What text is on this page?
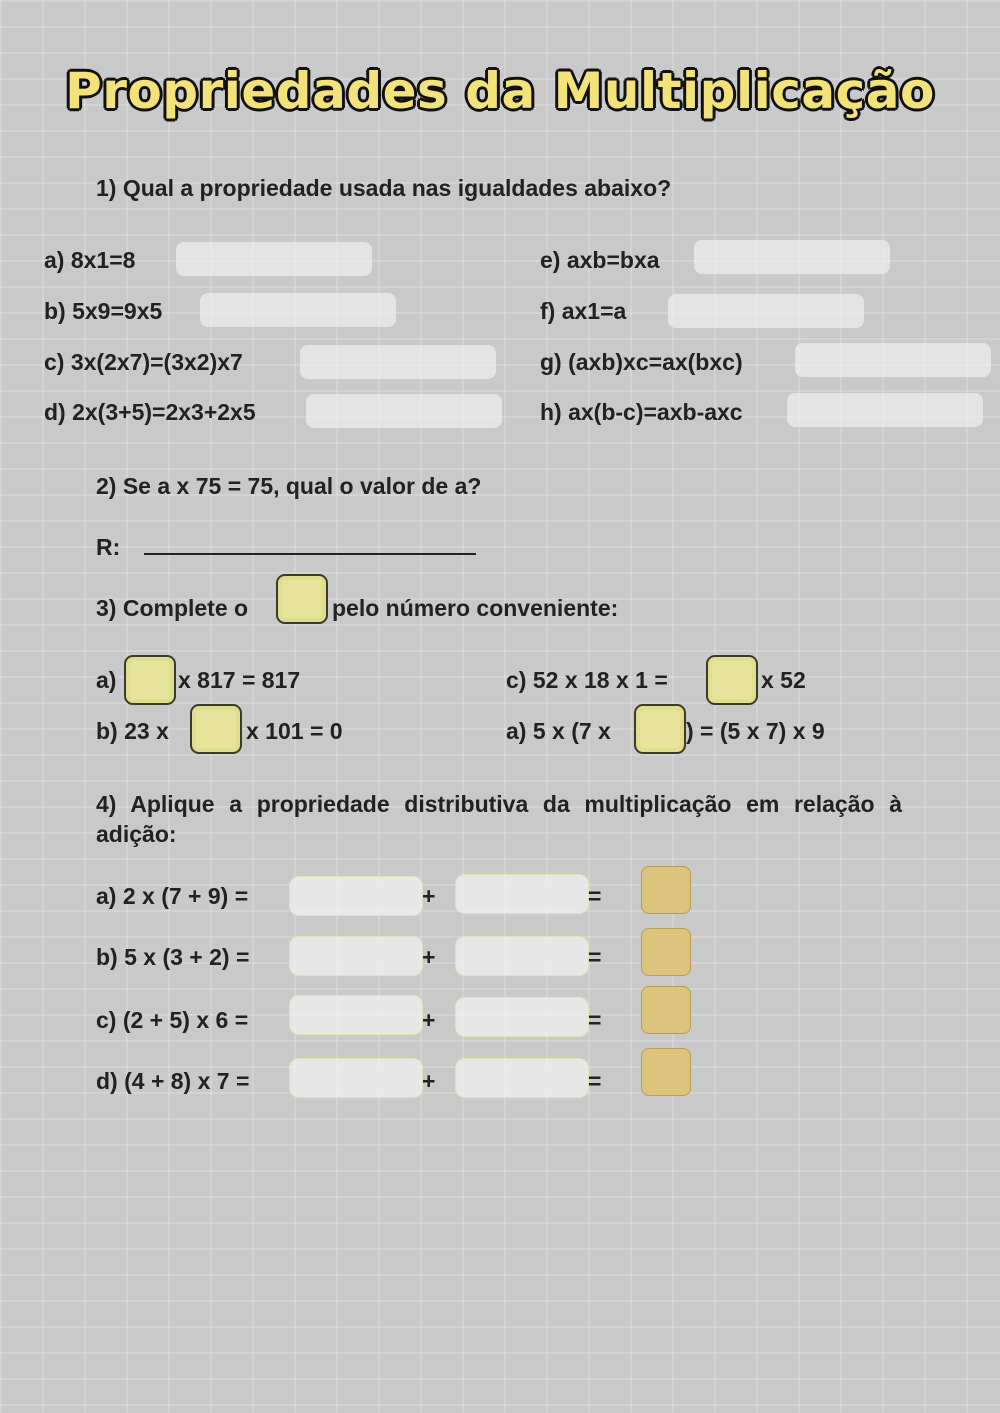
Propriedades da Multiplicação
1) Qual a propriedade usada nas igualdades abaixo?
a) 8x1=8
b) 5x9=9x5
c) 3x(2x7)=(3x2)x7
d) 2x(3+5)=2x3+2x5
e) axb=bxa
f) ax1=a
g) (axb)xc=ax(bxc)
h) ax(b-c)=axb-axc
2) Se a x 75 = 75, qual o valor de a?
R:
3) Complete o	pelo número conveniente:
a)	x 817 = 817
b) 23 x	x 101 = 0
c) 52 x 18 x 1 =	x 52
a) 5 x (7 x	) = (5 x 7) x 9
4) Aplique a propriedade distributiva da multiplicação em relação à adição:
a) 2 x (7 + 9) =	+	=
b) 5 x (3 + 2) =	+	=
c) (2 + 5) x 6 =	+	=
d) (4 + 8) x 7 =	+	=
